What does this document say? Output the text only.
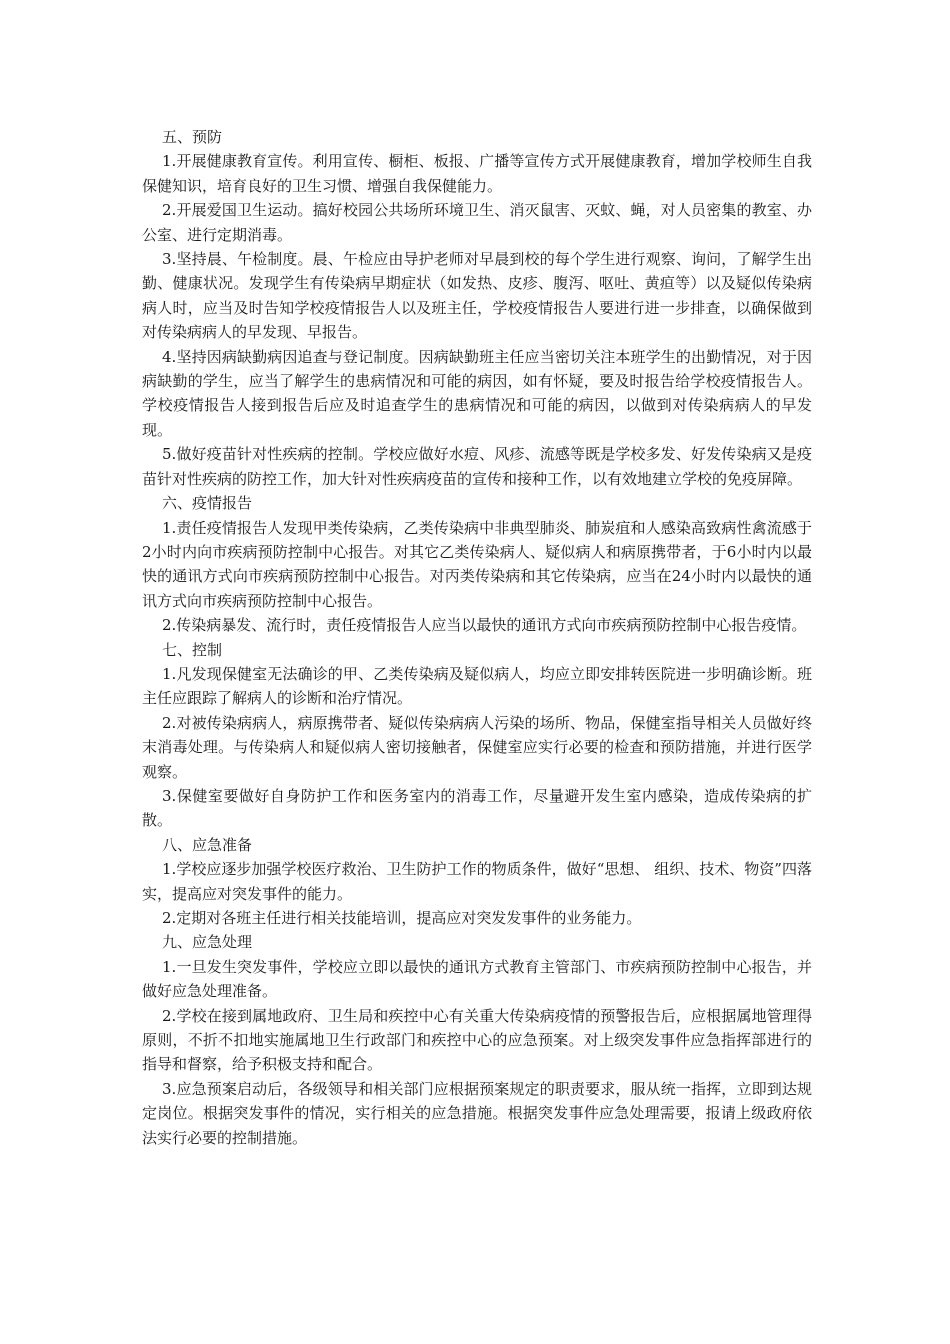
五、预防

1.开展健康教育宣传。利用宣传、橱柜、板报、广播等宣传方式开展健康教育，增加学校师生自我保健知识，培育良好的卫生习惯、增强自我保健能力。

2.开展爱国卫生运动。搞好校园公共场所环境卫生、消灭鼠害、灭蚊、蝇，对人员密集的教室、办公室、进行定期消毒。

3.坚持晨、午检制度。晨、午检应由导护老师对早晨到校的每个学生进行观察、询问，了解学生出勤、健康状况。发现学生有传染病早期症状（如发热、皮疹、腹泻、呕吐、黄疸等）以及疑似传染病病人时，应当及时告知学校疫情报告人以及班主任，学校疫情报告人要进行进一步排查，以确保做到对传染病病人的早发现、早报告。

4.坚持因病缺勤病因追查与登记制度。因病缺勤班主任应当密切关注本班学生的出勤情况，对于因病缺勤的学生，应当了解学生的患病情况和可能的病因，如有怀疑，要及时报告给学校疫情报告人。学校疫情报告人接到报告后应及时追查学生的患病情况和可能的病因，以做到对传染病病人的早发现。

5.做好疫苗针对性疾病的控制。学校应做好水痘、风疹、流感等既是学校多发、好发传染病又是疫苗针对性疾病的防控工作，加大针对性疾病疫苗的宣传和接种工作，以有效地建立学校的免疫屏障。

六、疫情报告

1.责任疫情报告人发现甲类传染病，乙类传染病中非典型肺炎、肺炭疽和人感染高致病性禽流感于2小时内向市疾病预防控制中心报告。对其它乙类传染病人、疑似病人和病原携带者，于6小时内以最快的通讯方式向市疾病预防控制中心报告。对丙类传染病和其它传染病，应当在24小时内以最快的通讯方式向市疾病预防控制中心报告。

2.传染病暴发、流行时，责任疫情报告人应当以最快的通讯方式向市疾病预防控制中心报告疫情。

七、控制

1.凡发现保健室无法确诊的甲、乙类传染病及疑似病人，均应立即安排转医院进一步明确诊断。班主任应跟踪了解病人的诊断和治疗情况。

2.对被传染病病人，病原携带者、疑似传染病病人污染的场所、物品，保健室指导相关人员做好终末消毒处理。与传染病人和疑似病人密切接触者，保健室应实行必要的检查和预防措施，并进行医学观察。

3.保健室要做好自身防护工作和医务室内的消毒工作，尽量避开发生室内感染，造成传染病的扩散。

八、应急准备

1.学校应逐步加强学校医疗救治、卫生防护工作的物质条件，做好“思想、 组织、技术、物资”四落实，提高应对突发事件的能力。

2.定期对各班主任进行相关技能培训，提高应对突发发事件的业务能力。

九、应急处理

1.一旦发生突发事件，学校应立即以最快的通讯方式教育主管部门、市疾病预防控制中心报告，并做好应急处理准备。

2.学校在接到属地政府、卫生局和疾控中心有关重大传染病疫情的预警报告后，应根据属地管理得原则，不折不扣地实施属地卫生行政部门和疾控中心的应急预案。对上级突发事件应急指挥部进行的指导和督察，给予积极支持和配合。

3.应急预案启动后，各级领导和相关部门应根据预案规定的职责要求，服从统一指挥，立即到达规定岗位。根据突发事件的情况，实行相关的应急措施。根据突发事件应急处理需要，报请上级政府依法实行必要的控制措施。
